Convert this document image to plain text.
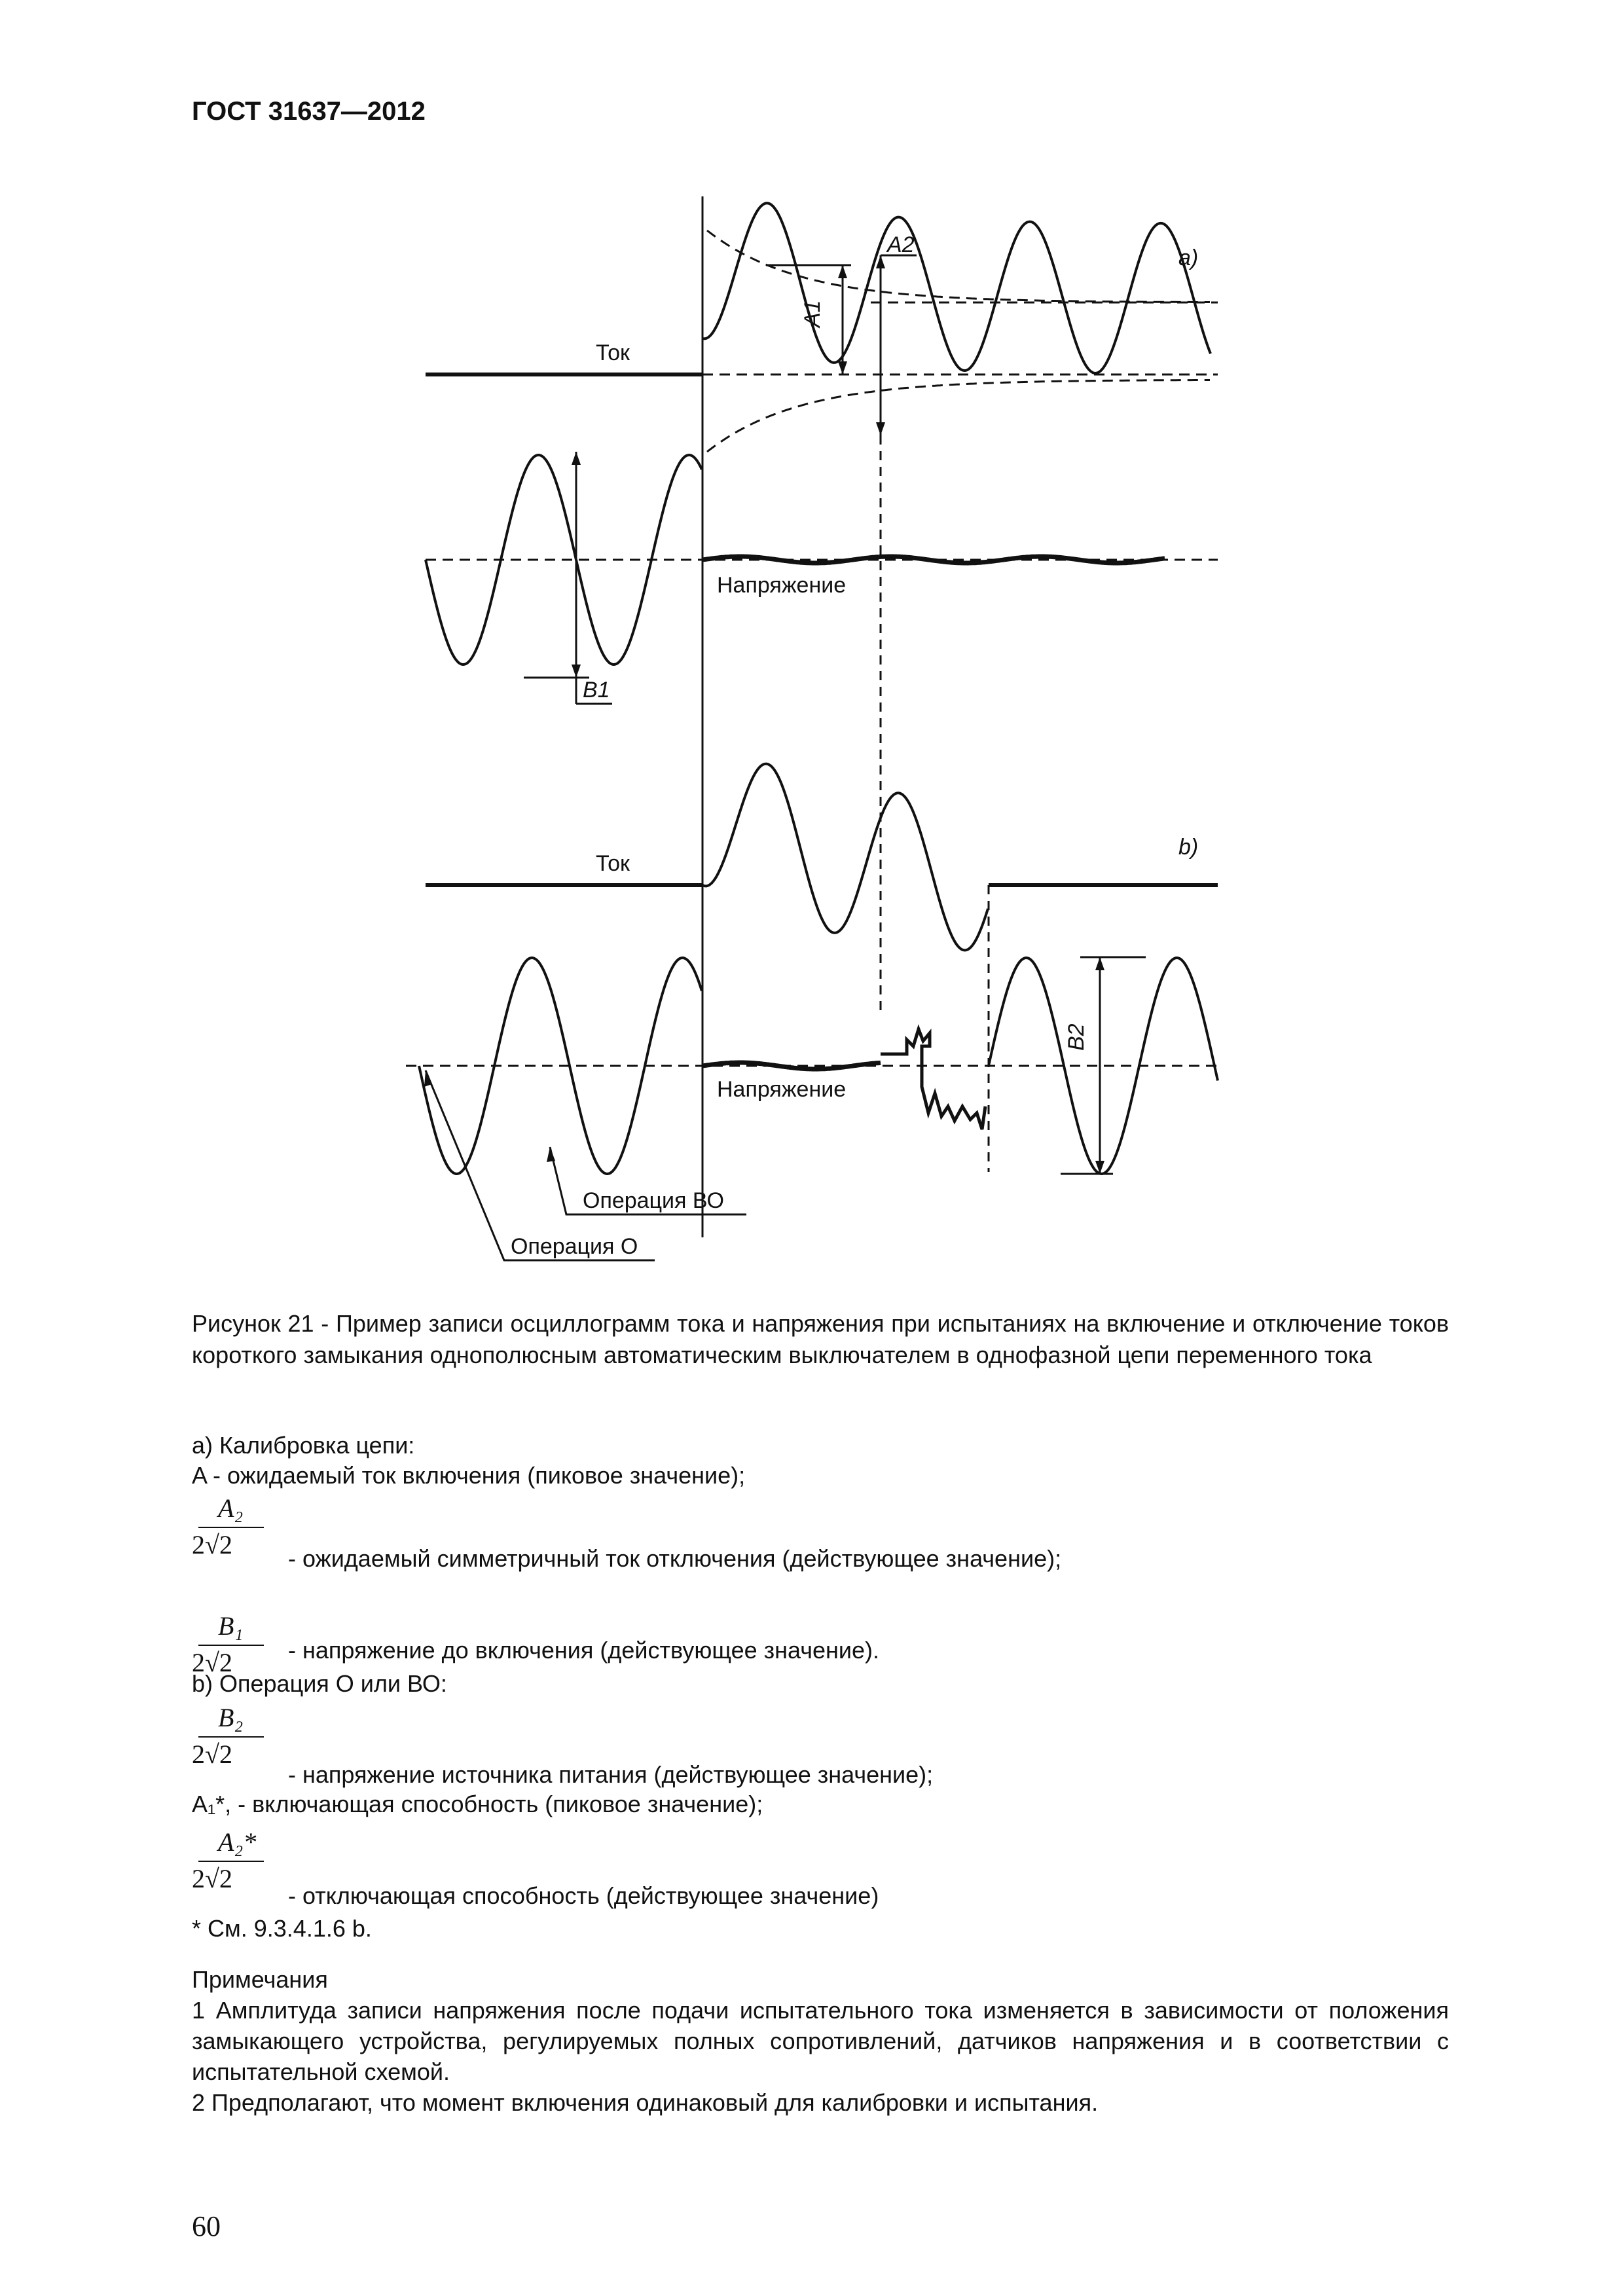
ГОСТ 31637—2012
a)
Ток
Напряжение
A1
A2
B1
b)
Ток
Напряжение
B2
Операция ВО
Операция О
Рисунок 21 - Пример записи осциллограмм тока и напряжения при испытаниях на включение и отключение токов короткого замыкания однополюсным автоматическим выключателем в однофазной цепи переменного тока
а) Калибровка цепи:
A - ожидаемый ток включения (пиковое значение);
A₂
2√2 - ожидаемый симметричный ток отключения (действующее значение);
B₁
2√2 - напряжение до включения (действующее значение).
b) Операция О или ВО:
B₂
2√2
- напряжение источника питания (действующее значение);
A₁*, - включающая способность (пиковое значение);
A₂*
2√2
- отключающая способность (действующее значение)
* См. 9.3.4.1.6 b.
Примечания
1 Амплитуда записи напряжения после подачи испытательного тока изменяется в зависимости от положения замыкающего устройства, регулируемых полных сопротивлений, датчиков напряжения и в соответствии с испытательной схемой.
2 Предполагают, что момент включения одинаковый для калибровки и испытания.
60
